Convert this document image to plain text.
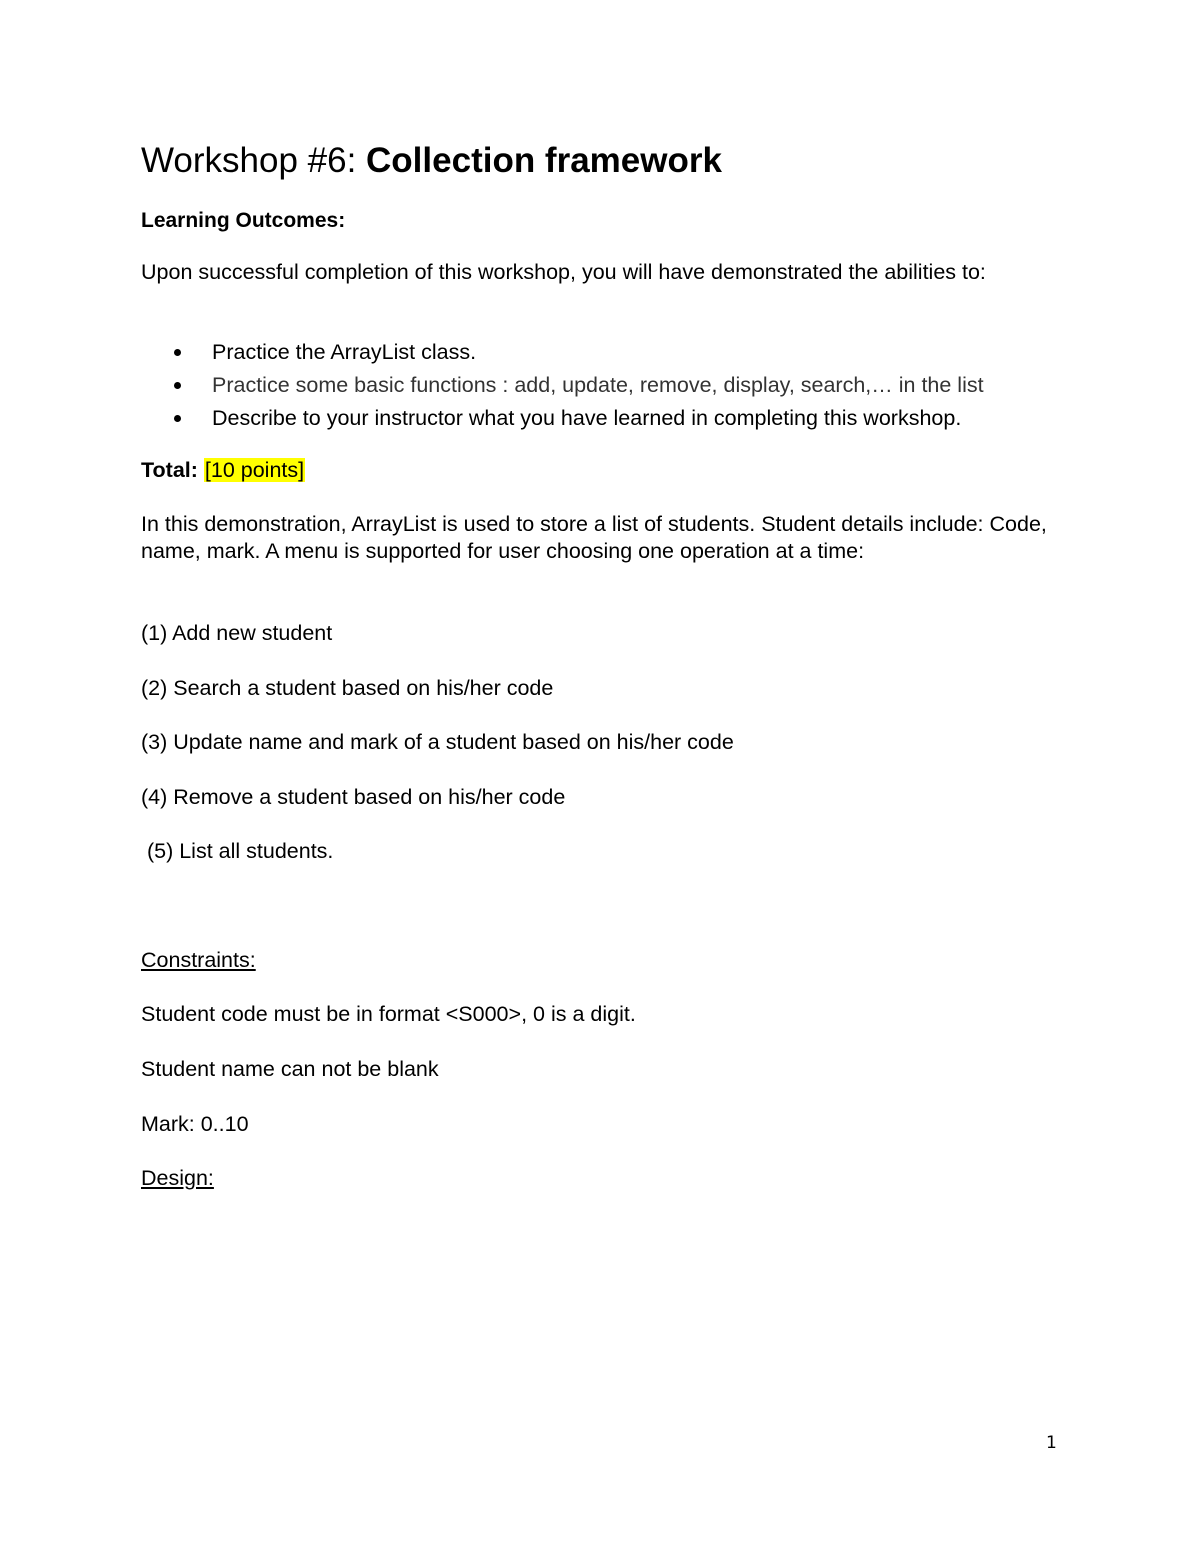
Workshop #6: Collection framework
Learning Outcomes:
Upon successful completion of this workshop, you will have demonstrated the abilities to:
Practice the ArrayList class.
Practice some basic functions : add, update, remove, display, search,… in the list
Describe to your instructor what you have learned in completing this workshop.
Total: [10 points]
In this demonstration, ArrayList is used to store a list of students. Student details include: Code, name, mark. A menu is supported for user choosing one operation at a time:
(1) Add new student
(2) Search a student based on his/her code
(3) Update name and mark of a student based on his/her code
(4) Remove a student based on his/her code
(5) List all students.
Constraints:
Student code must be in format <S000>, 0 is a digit.
Student name can not be blank
Mark: 0..10
Design:
1
